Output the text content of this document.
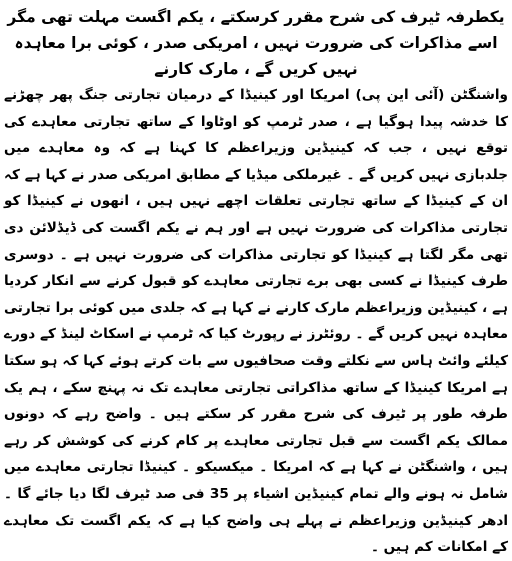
یکطرفہ ٹیرف کی شرح مقرر کرسکتے ، یکم اگست مہلت تھی مگر اسے مذاکرات کی ضرورت نہیں ، امریکی صدر ، کوئی برا معاہدہ نہیں کریں گے ، مارک کارنے

واشنگٹن (آئی این پی) امریکا اور کینیڈا کے درمیان تجارتی جنگ پھر چھڑنے کا خدشہ پیدا ہوگیا ہے ، صدر ٹرمپ کو اوٹاوا کے ساتھ تجارتی معاہدے کی توقع نہیں ، جب کہ کینیڈین وزیراعظم کا کہنا ہے کہ وہ معاہدے میں جلدبازی نہیں کریں گے ۔ غیرملکی میڈیا کے مطابق امریکی صدر نے کہا ہے کہ ان کے کینیڈا کے ساتھ تجارتی تعلقات اچھے نہیں ہیں ، انھوں نے کینیڈا کو تجارتی مذاکرات کی ضرورت نہیں ہے اور ہم نے یکم اگست کی ڈیڈلائن دی تھی مگر لگتا ہے کینیڈا کو تجارتی مذاکرات کی ضرورت نہیں ہے ۔ دوسری طرف کینیڈا نے کسی بھی برے تجارتی معاہدے کو قبول کرنے سے انکار کردیا ہے ، کینیڈین وزیراعظم مارک کارنے نے کہا ہے کہ جلدی میں کوئی برا تجارتی معاہدہ نہیں کریں گے ۔ روئٹرز نے رپورٹ کیا کہ ٹرمپ نے اسکاٹ لینڈ کے دورے کیلئے وائٹ ہاس سے نکلتے وقت صحافیوں سے بات کرتے ہوئے کہا کہ ہو سکتا ہے امریکا کینیڈا کے ساتھ مذاکراتی تجارتی معاہدے تک نہ پہنچ سکے ، ہم یک طرفہ طور پر ٹیرف کی شرح مقرر کر سکتے ہیں ۔ واضح رہے کہ دونوں ممالک یکم اگست سے قبل تجارتی معاہدے پر کام کرنے کی کوشش کر رہے ہیں ، واشنگٹن نے کہا ہے کہ امریکا ۔ میکسیکو ۔ کینیڈا تجارتی معاہدے میں شامل نہ ہونے والے تمام کینیڈین اشیاء پر 35 فی صد ٹیرف لگا دیا جائے گا ۔ ادھر کینیڈین وزیراعظم نے پہلے ہی واضح کیا ہے کہ یکم اگست تک معاہدے کے امکانات کم ہیں ۔
